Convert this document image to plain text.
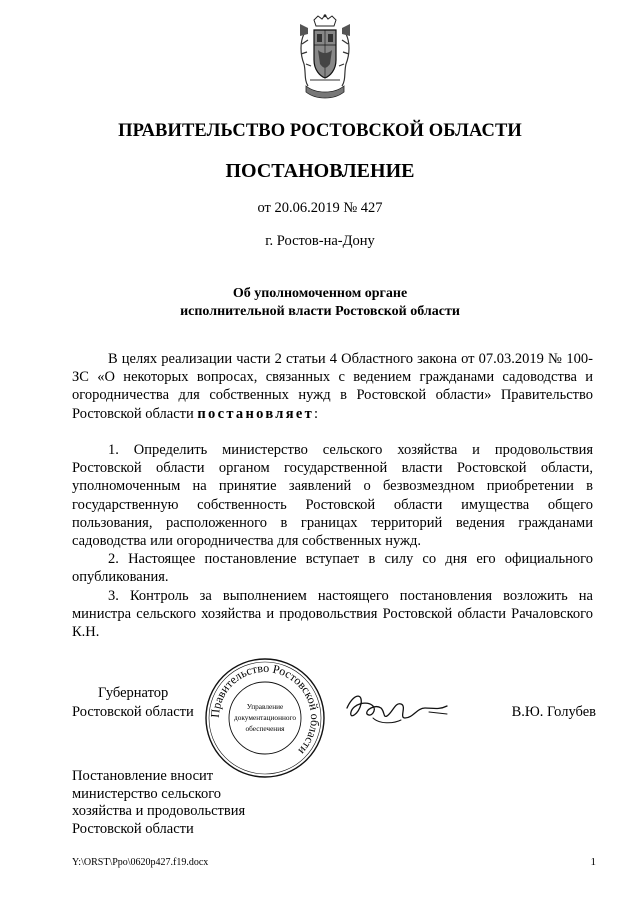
ПРАВИТЕЛЬСТВО РОСТОВСКОЙ ОБЛАСТИ
ПОСТАНОВЛЕНИЕ
от 20.06.2019 № 427
г. Ростов-на-Дону
Об уполномоченном органе
исполнительной власти Ростовской области

В целях реализации части 2 статьи 4 Областного закона от 07.03.2019 № 100-ЗС «О некоторых вопросах, связанных с ведением гражданами садоводства и огородничества для собственных нужд в Ростовской области» Правительство Ростовской области постановляет:

1. Определить министерство сельского хозяйства и продовольствия Ростовской области органом государственной власти Ростовской области, уполномоченным на принятие заявлений о безвозмездном приобретении в государственную собственность Ростовской области имущества общего пользования, расположенного в границах территорий ведения гражданами садоводства или огородничества для собственных нужд.

2. Настоящее постановление вступает в силу со дня его официального опубликования.

3. Контроль за выполнением настоящего постановления возложить на министра сельского хозяйства и продовольствия Ростовской области Рачаловского К.Н.

Губернатор
Ростовской области Правительство Ростовской области
Управление
документационного
обеспечения
В.Ю. Голубев
Постановление вносит
министерство сельского
хозяйства и продовольствия
Ростовской области
Y:\ORST\Ppo\0620p427.f19.docx	1
